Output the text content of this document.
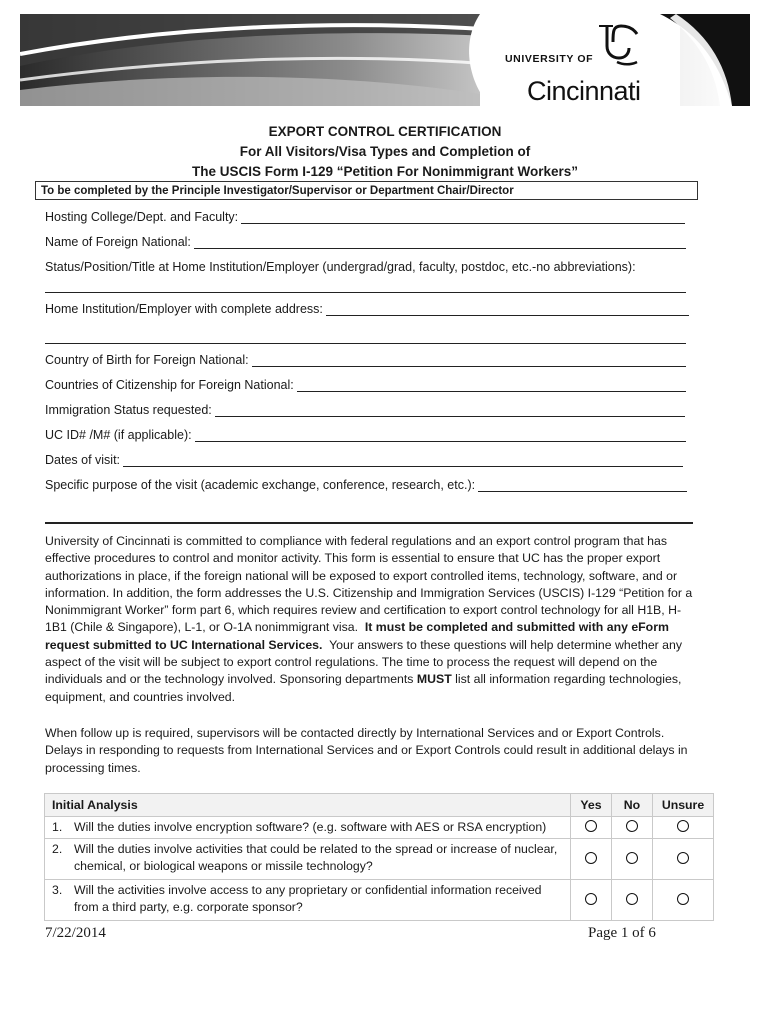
UNIVERSITY OF
Cincinnati
EXPORT CONTROL CERTIFICATION
For All Visitors/Visa Types and Completion of
The USCIS Form I-129 “Petition For Nonimmigrant Workers”
To be completed by the Principle Investigator/Supervisor or Department Chair/Director
Hosting College/Dept. and Faculty:
Name of Foreign National:
Status/Position/Title at Home Institution/Employer (undergrad/grad, faculty, postdoc, etc.-no abbreviations):
Home Institution/Employer with complete address:
Country of Birth for Foreign National:
Countries of Citizenship for Foreign National:
Immigration Status requested:
UC ID# /M# (if applicable):
Dates of visit:
Specific purpose of the visit (academic exchange, conference, research, etc.):
University of Cincinnati is committed to compliance with federal regulations and an export control program that has effective procedures to control and monitor activity. This form is essential to ensure that UC has the proper export authorizations in place, if the foreign national will be exposed to export controlled items, technology, software, and or information. In addition, the form addresses the U.S. Citizenship and Immigration Services (USCIS) I-129 “Petition for a Nonimmigrant Worker” form part 6, which requires review and certification to export control technology for all H1B, H-1B1 (Chile & Singapore), L-1, or O-1A nonimmigrant visa. It must be completed and submitted with any eForm request submitted to UC International Services. Your answers to these questions will help determine whether any aspect of the visit will be subject to export control regulations. The time to process the request will depend on the individuals and or the technology involved. Sponsoring departments MUST list all information regarding technologies, equipment, and countries involved.
When follow up is required, supervisors will be contacted directly by International Services and or Export Controls. Delays in responding to requests from International Services and or Export Controls could result in additional delays in processing times.
Initial Analysis	Yes	No	Unsure
1. Will the duties involve encryption software? (e.g. software with AES or RSA encryption)			
2. Will the duties involve activities that could be related to the spread or increase of nuclear, chemical, or biological weapons or missile technology?			
3. Will the activities involve access to any proprietary or confidential information received from a third party, e.g. corporate sponsor?			
7/22/2014	Page 1 of 6
